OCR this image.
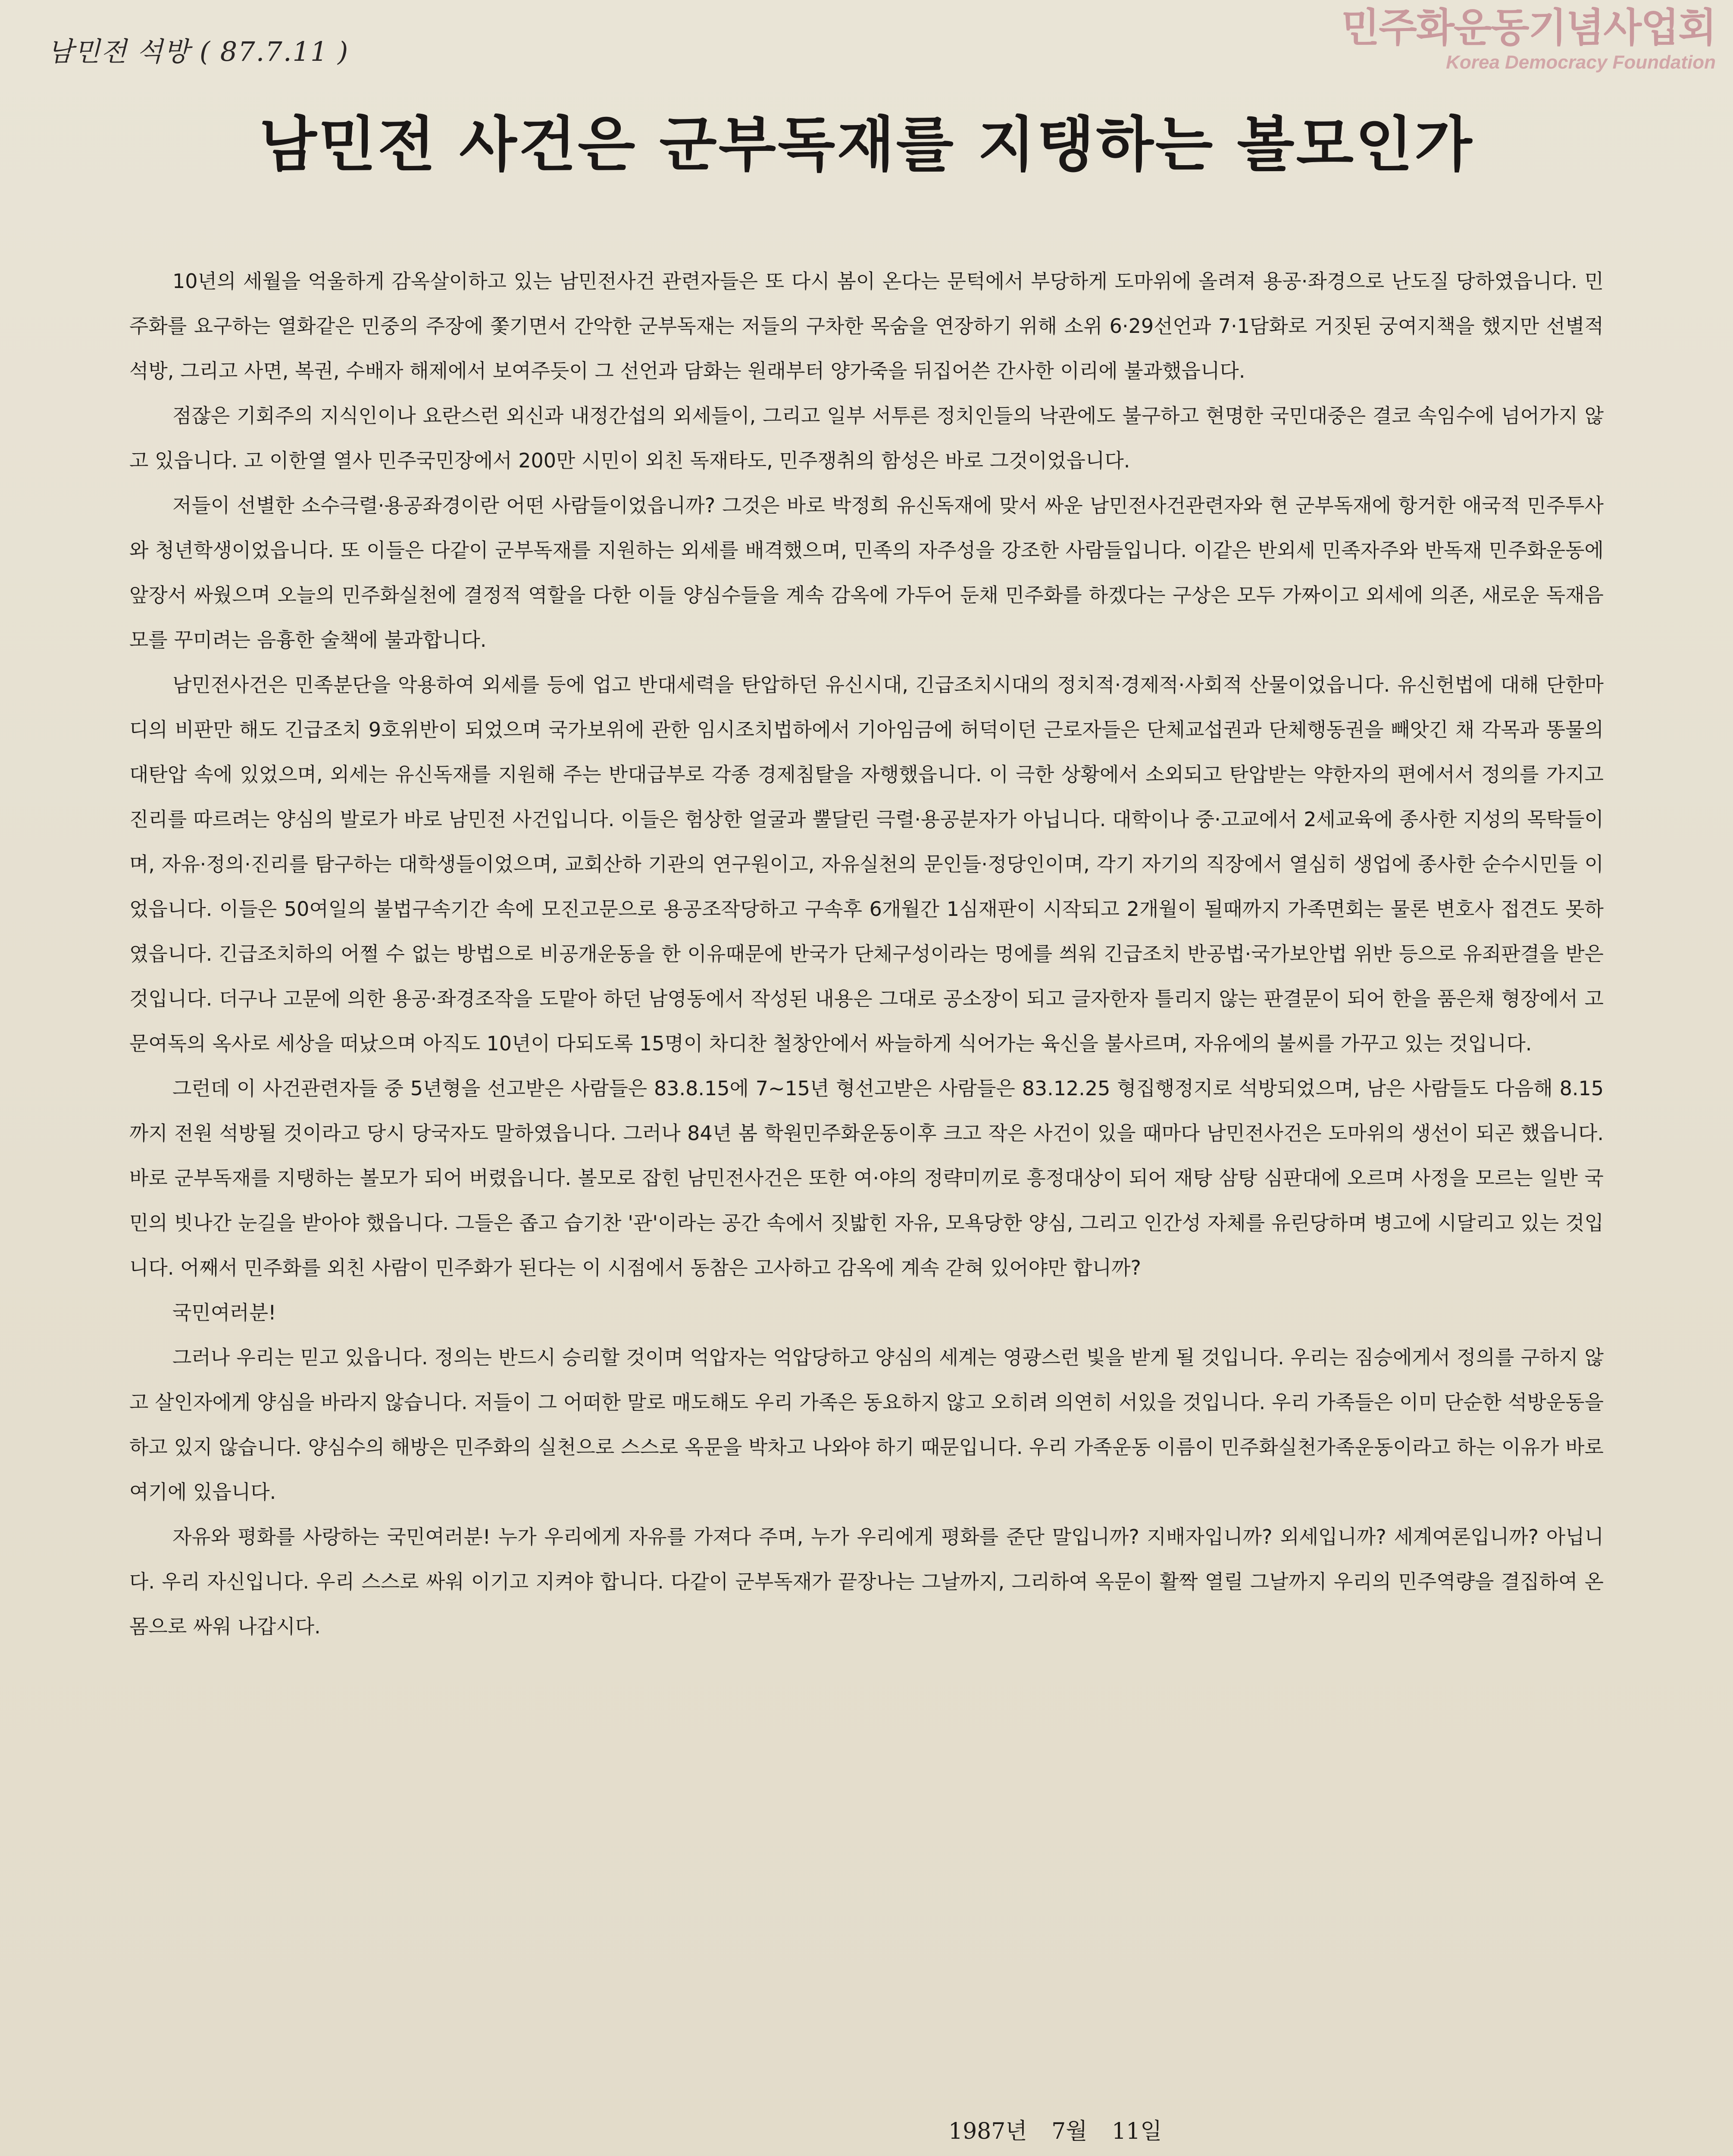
남민전 석방 ( 87.7.11 )
민주화운동기념사업회
Korea Democracy Foundation
남민전 사건은 군부독재를 지탱하는 볼모인가

10년의 세월을 억울하게 감옥살이하고 있는 남민전사건 관련자들은 또 다시 봄이 온다는 문턱에서 부당하게 도마위에 올려져 용공·좌경으로 난도질 당하였읍니다. 민주화를 요구하는 열화같은 민중의 주장에 쫓기면서 간악한 군부독재는 저들의 구차한 목숨을 연장하기 위해 소위 6·29선언과 7·1담화로 거짓된 궁여지책을 했지만 선별적 석방, 그리고 사면, 복권, 수배자 해제에서 보여주듯이 그 선언과 담화는 원래부터 양가죽을 뒤집어쓴 간사한 이리에 불과했읍니다.

점잖은 기회주의 지식인이나 요란스런 외신과 내정간섭의 외세들이, 그리고 일부 서투른 정치인들의 낙관에도 불구하고 현명한 국민대중은 결코 속임수에 넘어가지 않고 있읍니다. 고 이한열 열사 민주국민장에서 200만 시민이 외친 독재타도, 민주쟁취의 함성은 바로 그것이었읍니다.

저들이 선별한 소수극렬·용공좌경이란 어떤 사람들이었읍니까? 그것은 바로 박정희 유신독재에 맞서 싸운 남민전사건관련자와 현 군부독재에 항거한 애국적 민주투사와 청년학생이었읍니다. 또 이들은 다같이 군부독재를 지원하는 외세를 배격했으며, 민족의 자주성을 강조한 사람들입니다. 이같은 반외세 민족자주와 반독재 민주화운동에 앞장서 싸웠으며 오늘의 민주화실천에 결정적 역할을 다한 이들 양심수들을 계속 감옥에 가두어 둔채 민주화를 하겠다는 구상은 모두 가짜이고 외세에 의존, 새로운 독재음모를 꾸미려는 음흉한 술책에 불과합니다.

남민전사건은 민족분단을 악용하여 외세를 등에 업고 반대세력을 탄압하던 유신시대, 긴급조치시대의 정치적·경제적·사회적 산물이었읍니다. 유신헌법에 대해 단한마디의 비판만 해도 긴급조치 9호위반이 되었으며 국가보위에 관한 임시조치법하에서 기아임금에 허덕이던 근로자들은 단체교섭권과 단체행동권을 빼앗긴 채 각목과 똥물의 대탄압 속에 있었으며, 외세는 유신독재를 지원해 주는 반대급부로 각종 경제침탈을 자행했읍니다. 이 극한 상황에서 소외되고 탄압받는 약한자의 편에서서 정의를 가지고 진리를 따르려는 양심의 발로가 바로 남민전 사건입니다. 이들은 험상한 얼굴과 뿔달린 극렬·용공분자가 아닙니다. 대학이나 중·고교에서 2세교육에 종사한 지성의 목탁들이며, 자유·정의·진리를 탐구하는 대학생들이었으며, 교회산하 기관의 연구원이고, 자유실천의 문인들·정당인이며, 각기 자기의 직장에서 열심히 생업에 종사한 순수시민들 이었읍니다. 이들은 50여일의 불법구속기간 속에 모진고문으로 용공조작당하고 구속후 6개월간 1심재판이 시작되고 2개월이 될때까지 가족면회는 물론 변호사 접견도 못하였읍니다. 긴급조치하의 어쩔 수 없는 방법으로 비공개운동을 한 이유때문에 반국가 단체구성이라는 멍에를 씌워 긴급조치 반공법·국가보안법 위반 등으로 유죄판결을 받은 것입니다. 더구나 고문에 의한 용공·좌경조작을 도맡아 하던 남영동에서 작성된 내용은 그대로 공소장이 되고 글자한자 틀리지 않는 판결문이 되어 한을 품은채 형장에서 고문여독의 옥사로 세상을 떠났으며 아직도 10년이 다되도록 15명이 차디찬 철창안에서 싸늘하게 식어가는 육신을 불사르며, 자유에의 불씨를 가꾸고 있는 것입니다.

그런데 이 사건관련자들 중 5년형을 선고받은 사람들은 83.8.15에 7~15년 형선고받은 사람들은 83.12.25 형집행정지로 석방되었으며, 남은 사람들도 다음해 8.15까지 전원 석방될 것이라고 당시 당국자도 말하였읍니다. 그러나 84년 봄 학원민주화운동이후 크고 작은 사건이 있을 때마다 남민전사건은 도마위의 생선이 되곤 했읍니다. 바로 군부독재를 지탱하는 볼모가 되어 버렸읍니다. 볼모로 잡힌 남민전사건은 또한 여·야의 정략미끼로 흥정대상이 되어 재탕 삼탕 심판대에 오르며 사정을 모르는 일반 국민의 빗나간 눈길을 받아야 했읍니다. 그들은 좁고 습기찬 '관'이라는 공간 속에서 짓밟힌 자유, 모욕당한 양심, 그리고 인간성 자체를 유린당하며 병고에 시달리고 있는 것입니다. 어째서 민주화를 외친 사람이 민주화가 된다는 이 시점에서 동참은 고사하고 감옥에 계속 갇혀 있어야만 합니까?

국민여러분!

그러나 우리는 믿고 있읍니다. 정의는 반드시 승리할 것이며 억압자는 억압당하고 양심의 세계는 영광스런 빛을 받게 될 것입니다. 우리는 짐승에게서 정의를 구하지 않고 살인자에게 양심을 바라지 않습니다. 저들이 그 어떠한 말로 매도해도 우리 가족은 동요하지 않고 오히려 의연히 서있을 것입니다. 우리 가족들은 이미 단순한 석방운동을 하고 있지 않습니다. 양심수의 해방은 민주화의 실천으로 스스로 옥문을 박차고 나와야 하기 때문입니다. 우리 가족운동 이름이 민주화실천가족운동이라고 하는 이유가 바로 여기에 있읍니다.

자유와 평화를 사랑하는 국민여러분! 누가 우리에게 자유를 가져다 주며, 누가 우리에게 평화를 준단 말입니까? 지배자입니까? 외세입니까? 세계여론입니까? 아닙니다. 우리 자신입니다. 우리 스스로 싸워 이기고 지켜야 합니다. 다같이 군부독재가 끝장나는 그날까지, 그리하여 옥문이 활짝 열릴 그날까지 우리의 민주역량을 결집하여 온 몸으로 싸워 나갑시다.

1987년 7월 11일
